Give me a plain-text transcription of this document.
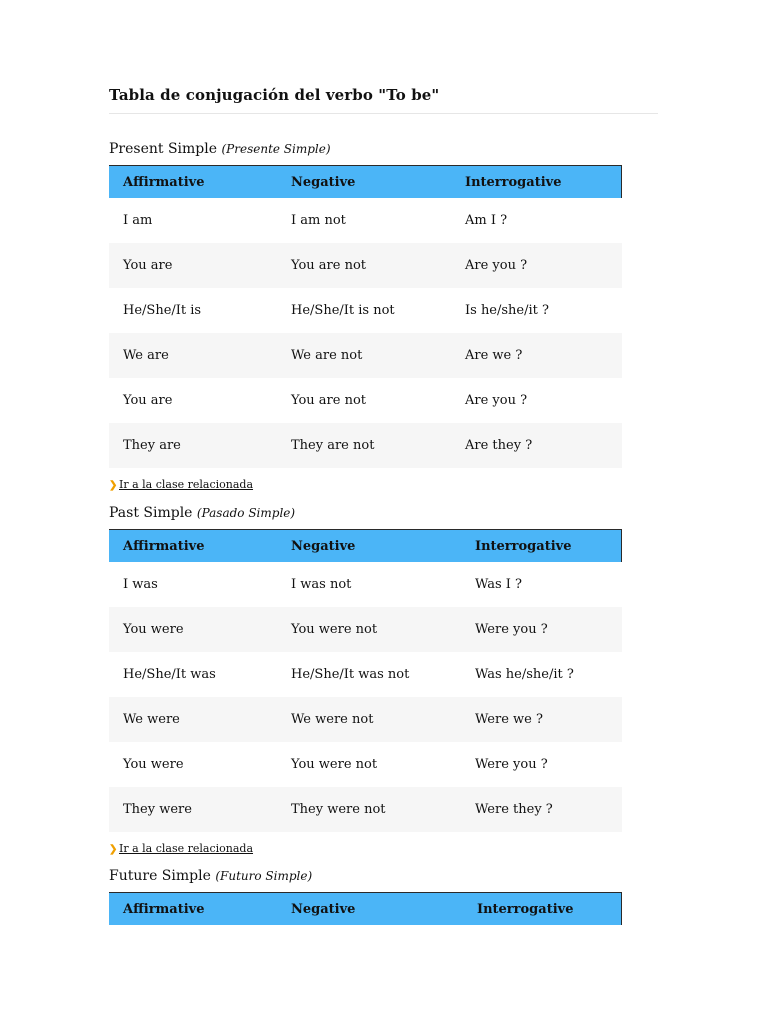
Tabla de conjugación del verbo "To be"
Present Simple (Presente Simple)
Affirmative	Negative	Interrogative
I am	I am not	Am I ?
You are	You are not	Are you ?
He/She/It is	He/She/It is not	Is he/she/it ?
We are	We are not	Are we ?
You are	You are not	Are you ?
They are	They are not	Are they ?
❯ Ir a la clase relacionada
Past Simple (Pasado Simple)
Affirmative	Negative	Interrogative
I was	I was not	Was I ?
You were	You were not	Were you ?
He/She/It was	He/She/It was not	Was he/she/it ?
We were	We were not	Were we ?
You were	You were not	Were you ?
They were	They were not	Were they ?
❯ Ir a la clase relacionada
Future Simple (Futuro Simple)
Affirmative	Negative	Interrogative
